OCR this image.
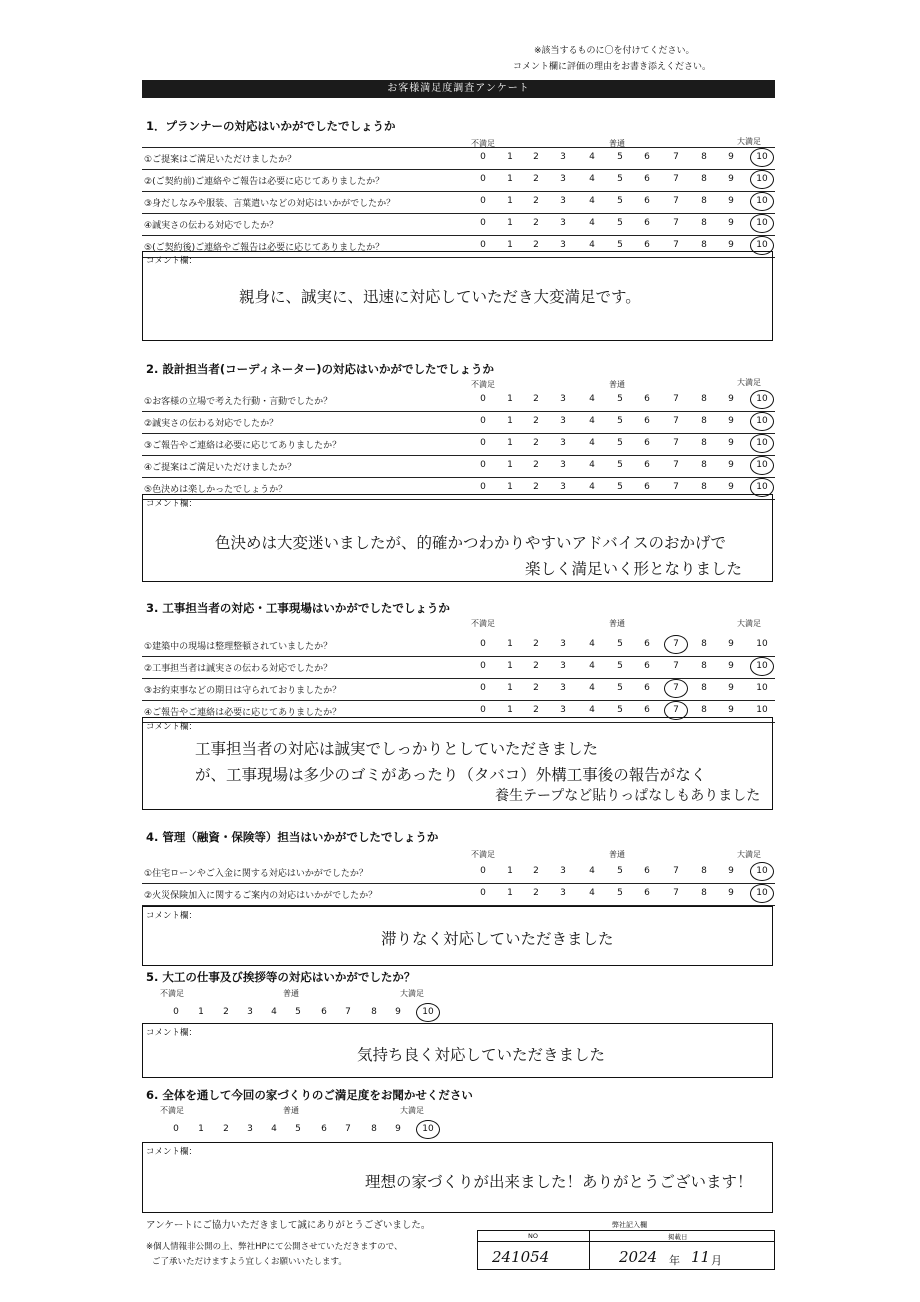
※該当するものに〇を付けてください。
コメント欄に評価の理由をお書き添えください。
お客様満足度調査アンケート
1．プランナーの対応はいかがでしたでしょうか
不満足	普通	大満足
①ご提案はご満足いただけましたか？	0	1	2	3	4	5	6	7	8	9	10
②(ご契約前)ご連絡やご報告は必要に応じてありましたか？	0	1	2	3	4	5	6	7	8	9	10
③身だしなみや服装、言葉遣いなどの対応はいかがでしたか？	0	1	2	3	4	5	6	7	8	9	10
④誠実さの伝わる対応でしたか？	0	1	2	3	4	5	6	7	8	9	10
⑤(ご契約後)ご連絡やご報告は必要に応じてありましたか？	0	1	2	3	4	5	6	7	8	9	10
コメント欄：
親身に、誠実に、迅速に対応していただき大変満足です。
2. 設計担当者(コーディネーター)の対応はいかがでしたでしょうか
不満足	普通	大満足
①お客様の立場で考えた行動・言動でしたか？	0	1	2	3	4	5	6	7	8	9	10
②誠実さの伝わる対応でしたか？	0	1	2	3	4	5	6	7	8	9	10
③ご報告やご連絡は必要に応じてありましたか？	0	1	2	3	4	5	6	7	8	9	10
④ご提案はご満足いただけましたか？	0	1	2	3	4	5	6	7	8	9	10
⑤色決めは楽しかったでしょうか？	0	1	2	3	4	5	6	7	8	9	10
コメント欄：
色決めは大変迷いましたが、的確かつわかりやすいアドバイスのおかげで
楽しく満足いく形となりました
3. 工事担当者の対応・工事現場はいかがでしたでしょうか
不満足	普通	大満足
①建築中の現場は整理整頓されていましたか？	0	1	2	3	4	5	6	7	8	9	10
②工事担当者は誠実さの伝わる対応でしたか？	0	1	2	3	4	5	6	7	8	9	10
③お約束事などの期日は守られておりましたか？	0	1	2	3	4	5	6	7	8	9	10
④ご報告やご連絡は必要に応じてありましたか？	0	1	2	3	4	5	6	7	8	9	10
コメント欄：
工事担当者の対応は誠実でしっかりとしていただきました
が、工事現場は多少のゴミがあったり（タバコ）外構工事後の報告がなく
養生テープなど貼りっぱなしもありました
4. 管理（融資・保険等）担当はいかがでしたでしょうか
不満足	普通	大満足
①住宅ローンやご入金に関する対応はいかがでしたか？	0	1	2	3	4	5	6	7	8	9	10
②火災保険加入に関するご案内の対応はいかがでしたか？	0	1	2	3	4	5	6	7	8	9	10
コメント欄：
滞りなく対応していただきました
5. 大工の仕事及び挨拶等の対応はいかがでしたか？
不満足	普通	大満足
0	1	2	3	4	5	6	7	8	9	10
コメント欄：
気持ち良く対応していただきました
6. 全体を通して今回の家づくりのご満足度をお聞かせください
不満足	普通	大満足
0	1	2	3	4	5	6	7	8	9	10
コメント欄：
理想の家づくりが出来ました！ありがとうございます！
アンケートにご協力いただきまして誠にありがとうございました。
※個人情報非公開の上、弊社HPにて公開させていただきますので、
ご了承いただけますよう宜しくお願いいたします。
弊社記入欄
NO	掲載日
241054	2024 年 11 月
